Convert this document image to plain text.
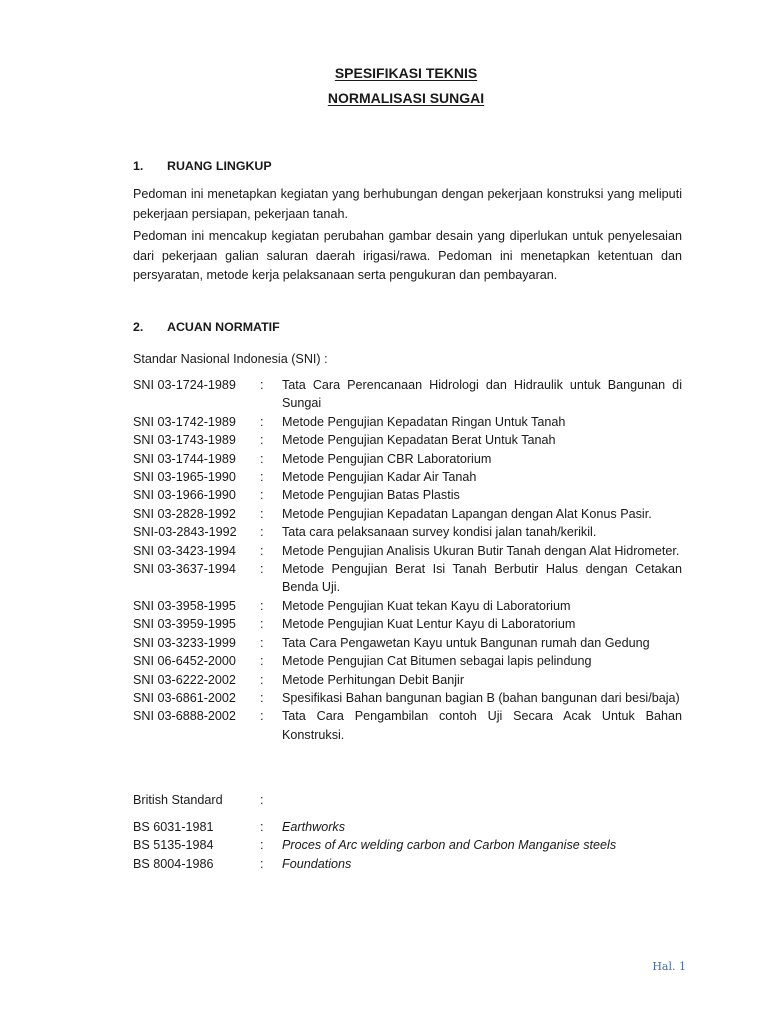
SPESIFIKASI TEKNIS
NORMALISASI SUNGAI
1. RUANG LINGKUP

Pedoman ini menetapkan kegiatan yang berhubungan dengan pekerjaan konstruksi yang meliputi pekerjaan persiapan, pekerjaan tanah.

Pedoman ini mencakup kegiatan perubahan gambar desain yang diperlukan untuk penyelesaian dari pekerjaan galian saluran daerah irigasi/rawa. Pedoman ini menetapkan ketentuan dan persyaratan, metode kerja pelaksanaan serta pengukuran dan pembayaran.

2. ACUAN NORMATIF

Standar Nasional Indonesia (SNI) :

SNI 03-1724-1989	:	Tata Cara Perencanaan Hidrologi dan Hidraulik untuk Bangunan di Sungai
SNI 03-1742-1989	:	Metode Pengujian Kepadatan Ringan Untuk Tanah
SNI 03-1743-1989	:	Metode Pengujian Kepadatan Berat Untuk Tanah
SNI 03-1744-1989	:	Metode Pengujian CBR Laboratorium
SNI 03-1965-1990	:	Metode Pengujian Kadar Air Tanah
SNI 03-1966-1990	:	Metode Pengujian Batas Plastis
SNI 03-2828-1992	:	Metode Pengujian Kepadatan Lapangan dengan Alat Konus Pasir.
SNI-03-2843-1992	:	Tata cara pelaksanaan survey kondisi jalan tanah/kerikil.
SNI 03-3423-1994	:	Metode Pengujian Analisis Ukuran Butir Tanah dengan Alat Hidrometer.
SNI 03-3637-1994	:	Metode Pengujian Berat Isi Tanah Berbutir Halus dengan Cetakan Benda Uji.
SNI 03-3958-1995	:	Metode Pengujian Kuat tekan Kayu di Laboratorium
SNI 03-3959-1995	:	Metode Pengujian Kuat Lentur Kayu di Laboratorium
SNI 03-3233-1999	:	Tata Cara Pengawetan Kayu untuk Bangunan rumah dan Gedung
SNI 06-6452-2000	:	Metode Pengujian Cat Bitumen sebagai lapis pelindung
SNI 03-6222-2002	:	Metode Perhitungan Debit Banjir
SNI 03-6861-2002	:	Spesifikasi Bahan bangunan bagian B (bahan bangunan dari besi/baja)
SNI 03-6888-2002	:	Tata Cara Pengambilan contoh Uji Secara Acak Untuk Bahan Konstruksi.
British Standard	:
BS 6031-1981	:	Earthworks
BS 5135-1984	:	Proces of Arc welding carbon and Carbon Manganise steels
BS 8004-1986	:	Foundations
Hal. 1
